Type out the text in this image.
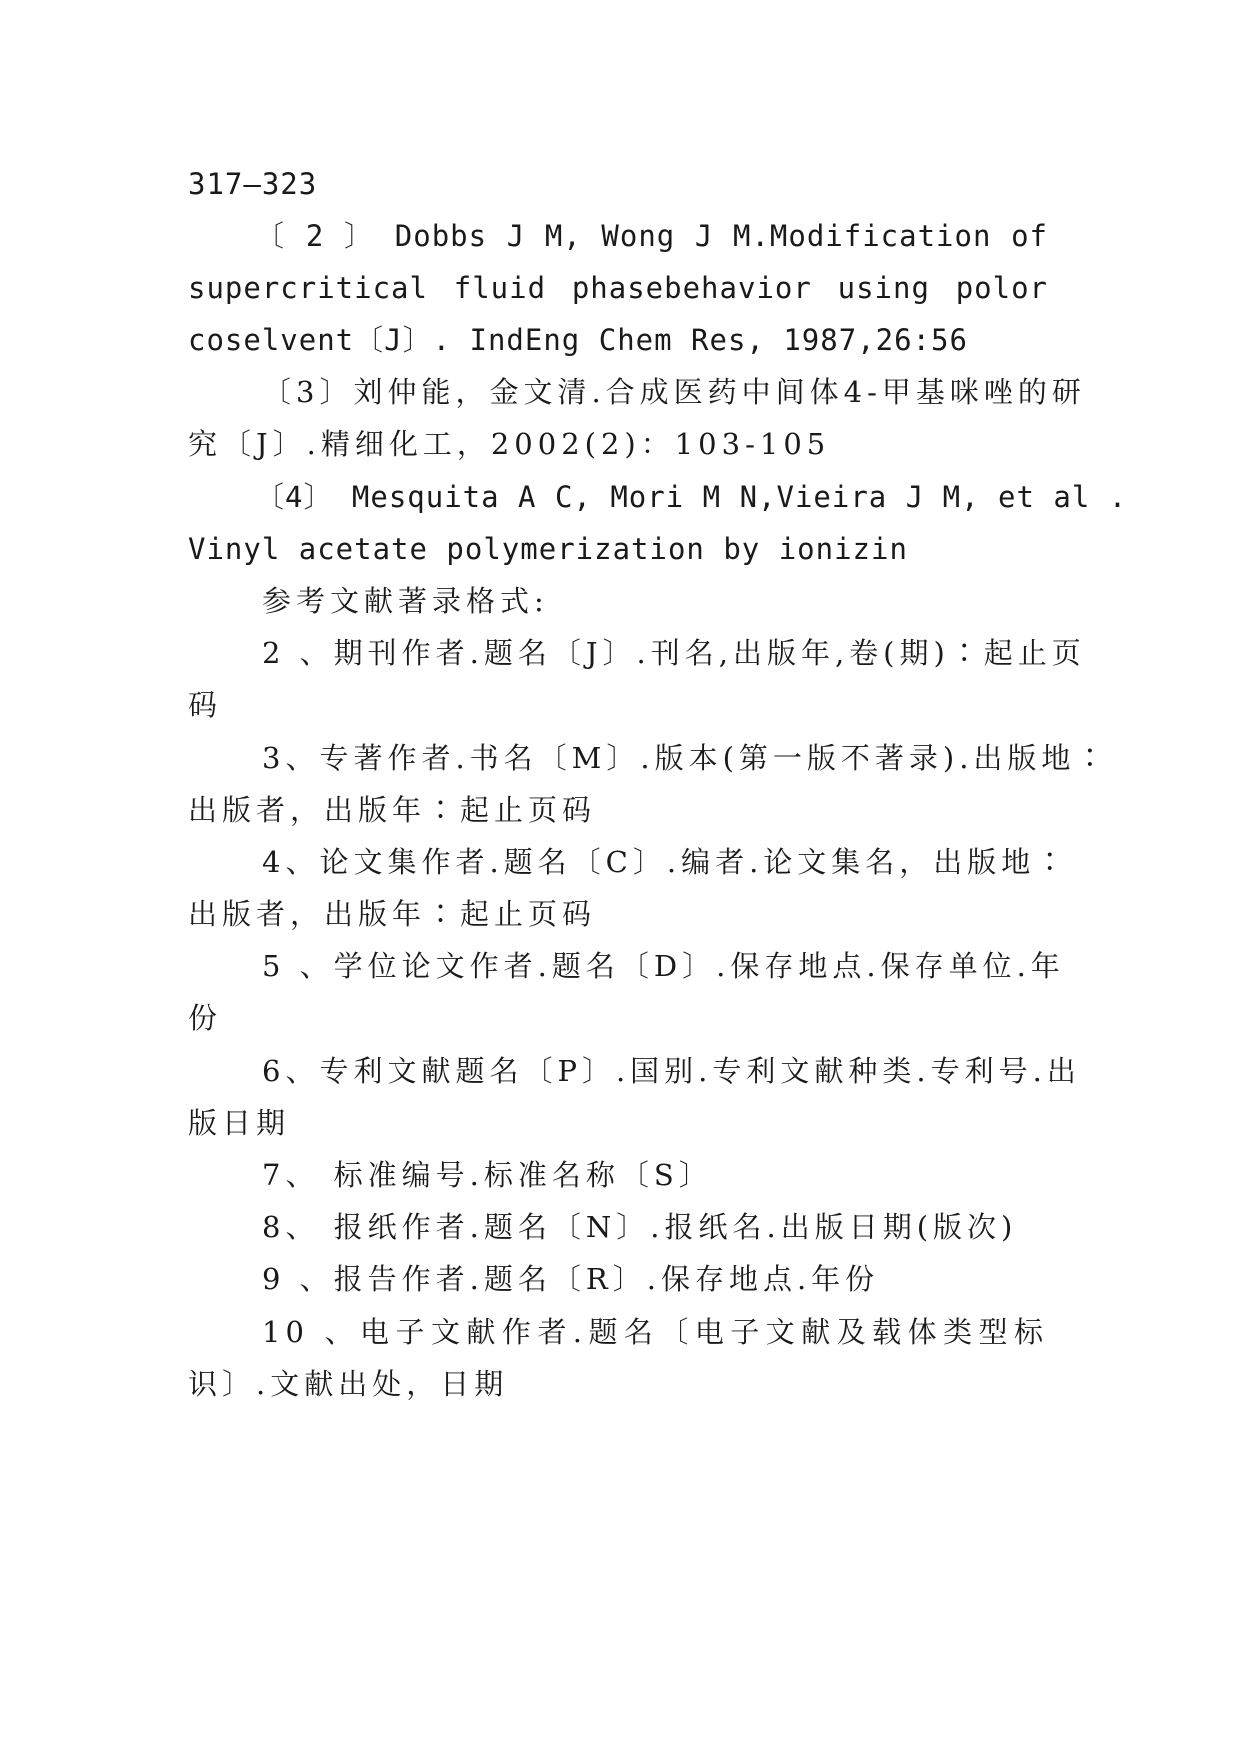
317—323
〔 2 〕 Dobbs J M, Wong J M.Modification of
supercritical fluid phasebehavior using polor
coselvent〔J〕. IndEng Chem Res, 1987,26:56
〔3〕刘仲能，金文清.合成医药中间体4-甲基咪唑的研
究〔J〕.精细化工，2002(2)：103-105
〔4〕 Mesquita A C, Mori M N,Vieira J M, et al .
Vinyl acetate polymerization by ionizin
参考文献著录格式:
2 、期刊作者.题名〔J〕.刊名,出版年,卷(期)∶起止页
码
3、专著作者.书名〔M〕.版本(第一版不著录).出版地∶
出版者，出版年∶起止页码
4、论文集作者.题名〔C〕.编者.论文集名，出版地∶
出版者，出版年∶起止页码
5 、学位论文作者.题名〔D〕.保存地点.保存单位.年
份
6、专利文献题名〔P〕.国别.专利文献种类.专利号.出
版日期
7、 标准编号.标准名称〔S〕
8、 报纸作者.题名〔N〕.报纸名.出版日期(版次)
9 、报告作者.题名〔R〕.保存地点.年份
10 、电子文献作者.题名〔电子文献及载体类型标
识〕.文献出处，日期
